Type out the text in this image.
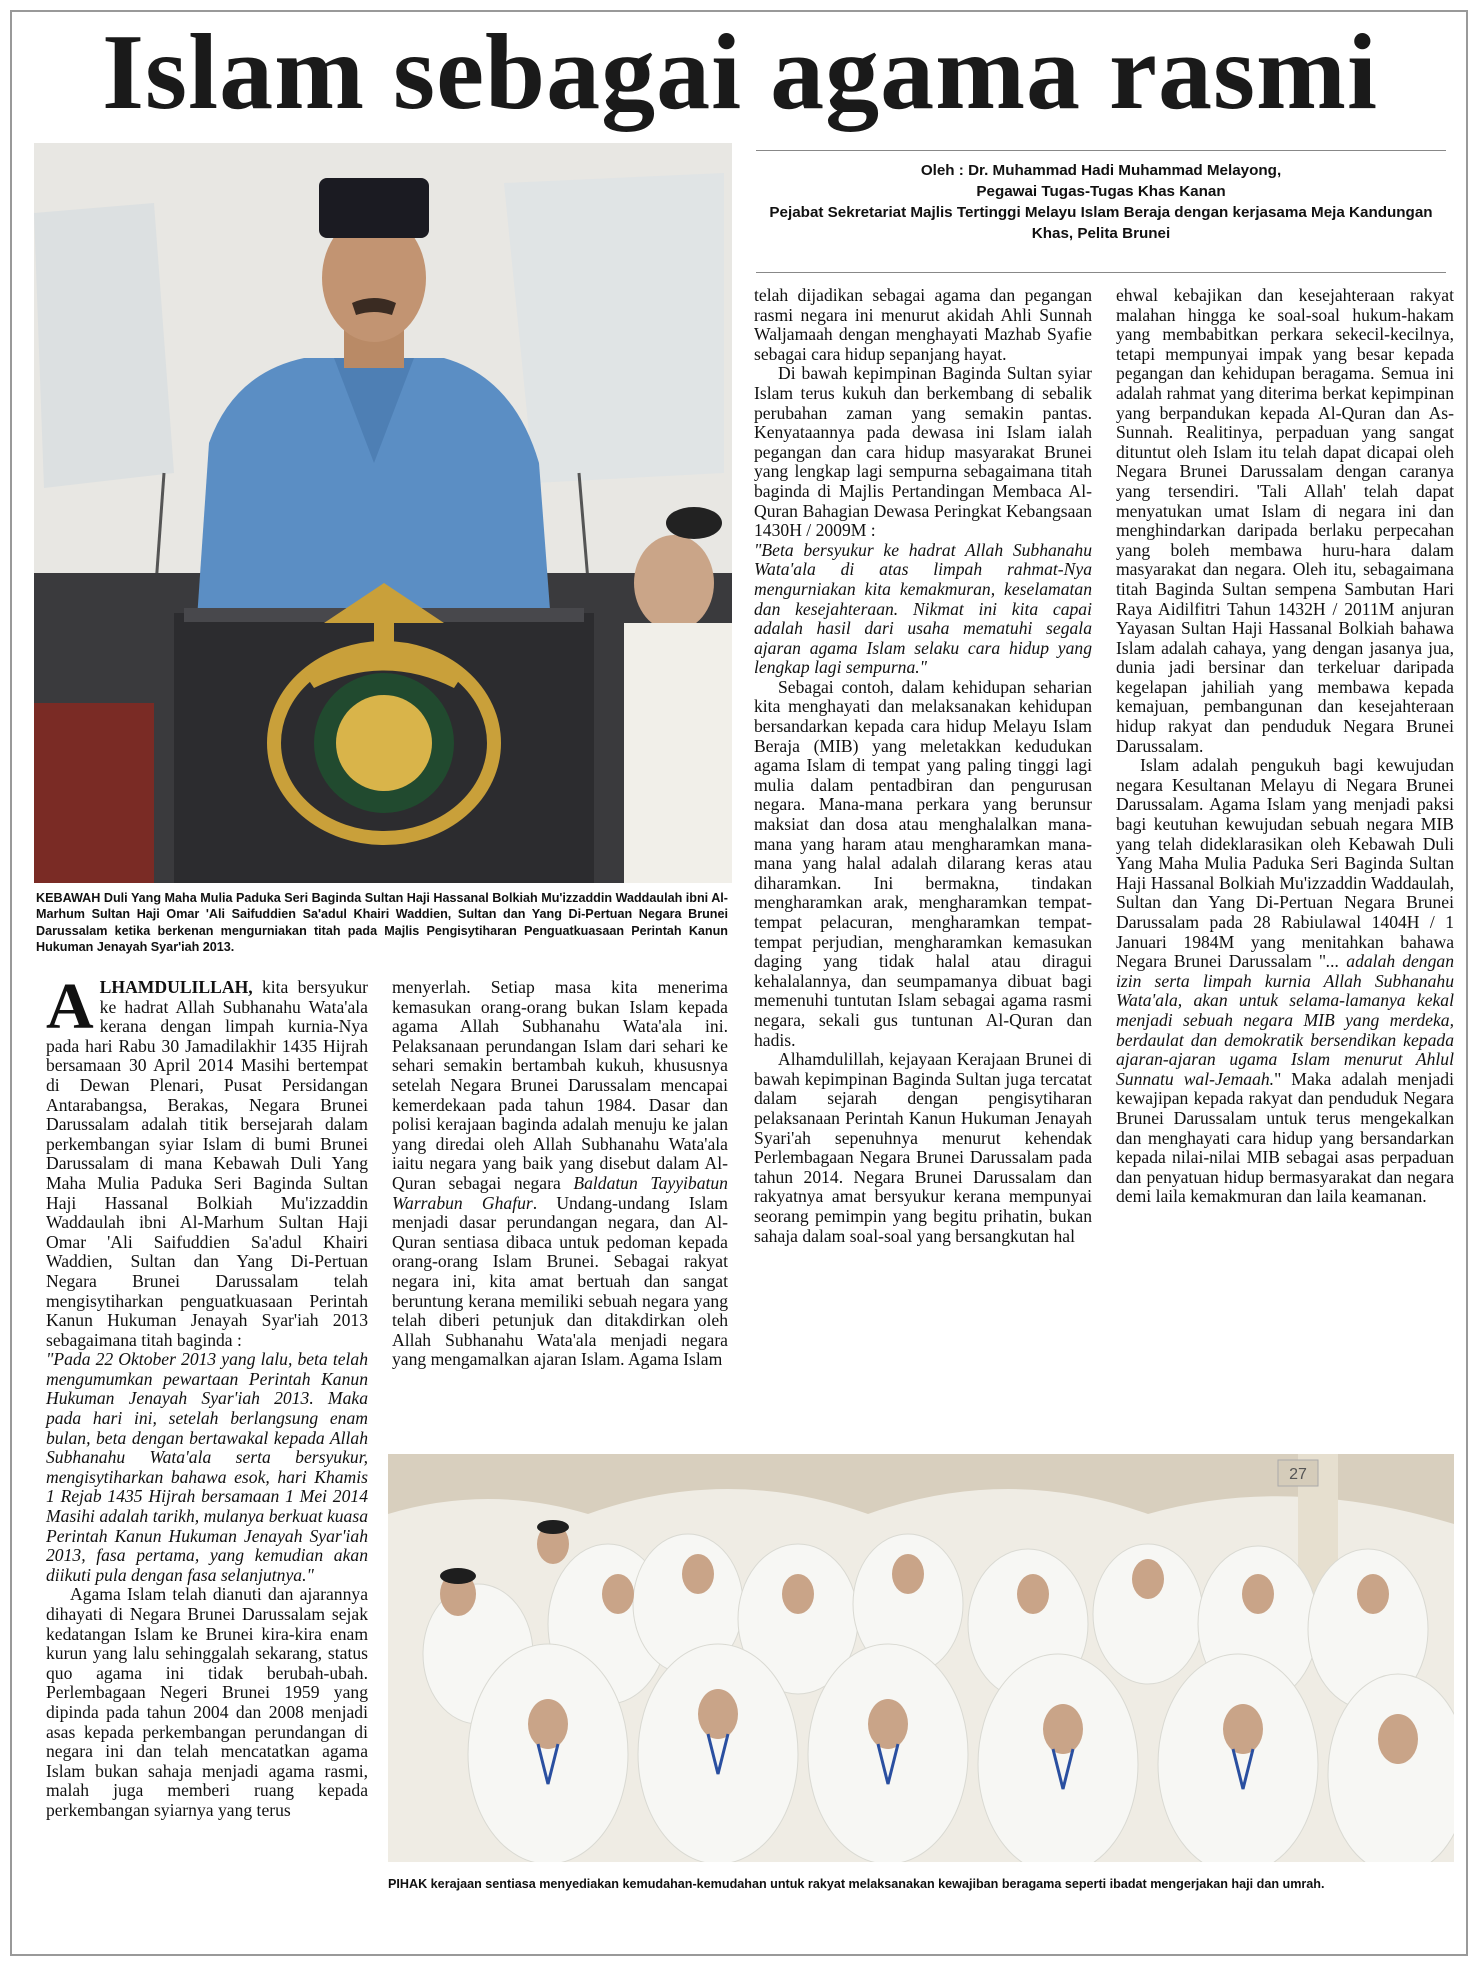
Islam sebagai agama rasmi
KEBAWAH Duli Yang Maha Mulia Paduka Seri Baginda Sultan Haji Hassanal Bolkiah Mu'izzaddin Waddaulah ibni Al-Marhum Sultan Haji Omar 'Ali Saifuddien Sa'adul Khairi Waddien, Sultan dan Yang Di-Pertuan Negara Brunei Darussalam ketika berkenan mengurniakan titah pada Majlis Pengisytiharan Penguatkuasaan Perintah Kanun Hukuman Jenayah Syar'iah 2013.
Oleh : Dr. Muhammad Hadi Muhammad Melayong,
Pegawai Tugas-Tugas Khas Kanan
Pejabat Sekretariat Majlis Tertinggi Melayu Islam Beraja dengan kerjasama Meja Kandungan Khas, Pelita Brunei

ALHAMDULILLAH, kita bersyukur ke hadrat Allah Subhanahu Wata'ala kerana dengan limpah kurnia-Nya pada hari Rabu 30 Jamadilakhir 1435 Hijrah bersamaan 30 April 2014 Masihi bertempat di Dewan Plenari, Pusat Persidangan Antarabangsa, Berakas, Negara Brunei Darussalam adalah titik bersejarah dalam perkembangan syiar Islam di bumi Brunei Darussalam di mana Kebawah Duli Yang Maha Mulia Paduka Seri Baginda Sultan Haji Hassanal Bolkiah Mu'izzaddin Waddaulah ibni Al-Marhum Sultan Haji Omar 'Ali Saifuddien Sa'adul Khairi Waddien, Sultan dan Yang Di-Pertuan Negara Brunei Darussalam telah mengisytiharkan penguatkuasaan Perintah Kanun Hukuman Jenayah Syar'iah 2013 sebagaimana titah baginda :

"Pada 22 Oktober 2013 yang lalu, beta telah mengumumkan pewartaan Perintah Kanun Hukuman Jenayah Syar'iah 2013. Maka pada hari ini, setelah berlangsung enam bulan, beta dengan bertawakal kepada Allah Subhanahu Wata'ala serta bersyukur, mengisytiharkan bahawa esok, hari Khamis 1 Rejab 1435 Hijrah bersamaan 1 Mei 2014 Masihi adalah tarikh, mulanya berkuat kuasa Perintah Kanun Hukuman Jenayah Syar'iah 2013, fasa pertama, yang kemudian akan diikuti pula dengan fasa selanjutnya."

Agama Islam telah dianuti dan ajarannya dihayati di Negara Brunei Darussalam sejak kedatangan Islam ke Brunei kira-kira enam kurun yang lalu sehinggalah sekarang, status quo agama ini tidak berubah-ubah. Perlembagaan Negeri Brunei 1959 yang dipinda pada tahun 2004 dan 2008 menjadi asas kepada perkembangan perundangan di negara ini dan telah mencatatkan agama Islam bukan sahaja menjadi agama rasmi, malah juga memberi ruang kepada perkembangan syiarnya yang terus

menyerlah. Setiap masa kita menerima kemasukan orang-orang bukan Islam kepada agama Allah Subhanahu Wata'ala ini. Pelaksanaan perundangan Islam dari sehari ke sehari semakin bertambah kukuh, khususnya setelah Negara Brunei Darussalam mencapai kemerdekaan pada tahun 1984. Dasar dan polisi kerajaan baginda adalah menuju ke jalan yang diredai oleh Allah Subhanahu Wata'ala iaitu negara yang baik yang disebut dalam Al-Quran sebagai negara Baldatun Tayyibatun Warrabun Ghafur. Undang-undang Islam menjadi dasar perundangan negara, dan Al-Quran sentiasa dibaca untuk pedoman kepada orang-orang Islam Brunei. Sebagai rakyat negara ini, kita amat bertuah dan sangat beruntung kerana memiliki sebuah negara yang telah diberi petunjuk dan ditakdirkan oleh Allah Subhanahu Wata'ala menjadi negara yang mengamalkan ajaran Islam. Agama Islam

telah dijadikan sebagai agama dan pegangan rasmi negara ini menurut akidah Ahli Sunnah Waljamaah dengan menghayati Mazhab Syafie sebagai cara hidup sepanjang hayat.

Di bawah kepimpinan Baginda Sultan syiar Islam terus kukuh dan berkembang di sebalik perubahan zaman yang semakin pantas. Kenyataannya pada dewasa ini Islam ialah pegangan dan cara hidup masyarakat Brunei yang lengkap lagi sempurna sebagaimana titah baginda di Majlis Pertandingan Membaca Al-Quran Bahagian Dewasa Peringkat Kebangsaan 1430H / 2009M :

"Beta bersyukur ke hadrat Allah Subhanahu Wata'ala di atas limpah rahmat-Nya mengurniakan kita kemakmuran, keselamatan dan kesejahteraan. Nikmat ini kita capai adalah hasil dari usaha mematuhi segala ajaran agama Islam selaku cara hidup yang lengkap lagi sempurna."

Sebagai contoh, dalam kehidupan seharian kita menghayati dan melaksanakan kehidupan bersandarkan kepada cara hidup Melayu Islam Beraja (MIB) yang meletakkan kedudukan agama Islam di tempat yang paling tinggi lagi mulia dalam pentadbiran dan pengurusan negara. Mana-mana perkara yang berunsur maksiat dan dosa atau menghalalkan mana-mana yang haram atau mengharamkan mana-mana yang halal adalah dilarang keras atau diharamkan. Ini bermakna, tindakan mengharamkan arak, mengharamkan tempat-tempat pelacuran, mengharamkan tempat-tempat perjudian, mengharamkan kemasukan daging yang tidak halal atau diragui kehalalannya, dan seumpamanya dibuat bagi memenuhi tuntutan Islam sebagai agama rasmi negara, sekali gus tuntunan Al-Quran dan hadis.

Alhamdulillah, kejayaan Kerajaan Brunei di bawah kepimpinan Baginda Sultan juga tercatat dalam sejarah dengan pengisytiharan pelaksanaan Perintah Kanun Hukuman Jenayah Syari'ah sepenuhnya menurut kehendak Perlembagaan Negara Brunei Darussalam pada tahun 2014. Negara Brunei Darussalam dan rakyatnya amat bersyukur kerana mempunyai seorang pemimpin yang begitu prihatin, bukan sahaja dalam soal-soal yang bersangkutan hal

ehwal kebajikan dan kesejahteraan rakyat malahan hingga ke soal-soal hukum-hakam yang membabitkan perkara sekecil-kecilnya, tetapi mempunyai impak yang besar kepada pegangan dan kehidupan beragama. Semua ini adalah rahmat yang diterima berkat kepimpinan yang berpandukan kepada Al-Quran dan As-Sunnah. Realitinya, perpaduan yang sangat dituntut oleh Islam itu telah dapat dicapai oleh Negara Brunei Darussalam dengan caranya yang tersendiri. 'Tali Allah' telah dapat menyatukan umat Islam di negara ini dan menghindarkan daripada berlaku perpecahan yang boleh membawa huru-hara dalam masyarakat dan negara. Oleh itu, sebagaimana titah Baginda Sultan sempena Sambutan Hari Raya Aidilfitri Tahun 1432H / 2011M anjuran Yayasan Sultan Haji Hassanal Bolkiah bahawa Islam adalah cahaya, yang dengan jasanya jua, dunia jadi bersinar dan terkeluar daripada kegelapan jahiliah yang membawa kepada kemajuan, pembangunan dan kesejahteraan hidup rakyat dan penduduk Negara Brunei Darussalam.

Islam adalah pengukuh bagi kewujudan negara Kesultanan Melayu di Negara Brunei Darussalam. Agama Islam yang menjadi paksi bagi keutuhan kewujudan sebuah negara MIB yang telah dideklarasikan oleh Kebawah Duli Yang Maha Mulia Paduka Seri Baginda Sultan Haji Hassanal Bolkiah Mu'izzaddin Waddaulah, Sultan dan Yang Di-Pertuan Negara Brunei Darussalam pada 28 Rabiulawal 1404H / 1 Januari 1984M yang menitahkan bahawa Negara Brunei Darussalam "... adalah dengan izin serta limpah kurnia Allah Subhanahu Wata'ala, akan untuk selama-lamanya kekal menjadi sebuah negara MIB yang merdeka, berdaulat dan demokratik bersendikan kepada ajaran-ajaran ugama Islam menurut Ahlul Sunnatu wal-Jemaah." Maka adalah menjadi kewajipan kepada rakyat dan penduduk Negara Brunei Darussalam untuk terus mengekalkan dan menghayati cara hidup yang bersandarkan kepada nilai-nilai MIB sebagai asas perpaduan dan penyatuan hidup bermasyarakat dan negara demi laila kemakmuran dan laila keamanan.

27
PIHAK kerajaan sentiasa menyediakan kemudahan-kemudahan untuk rakyat melaksanakan kewajiban beragama seperti ibadat mengerjakan haji dan umrah.
